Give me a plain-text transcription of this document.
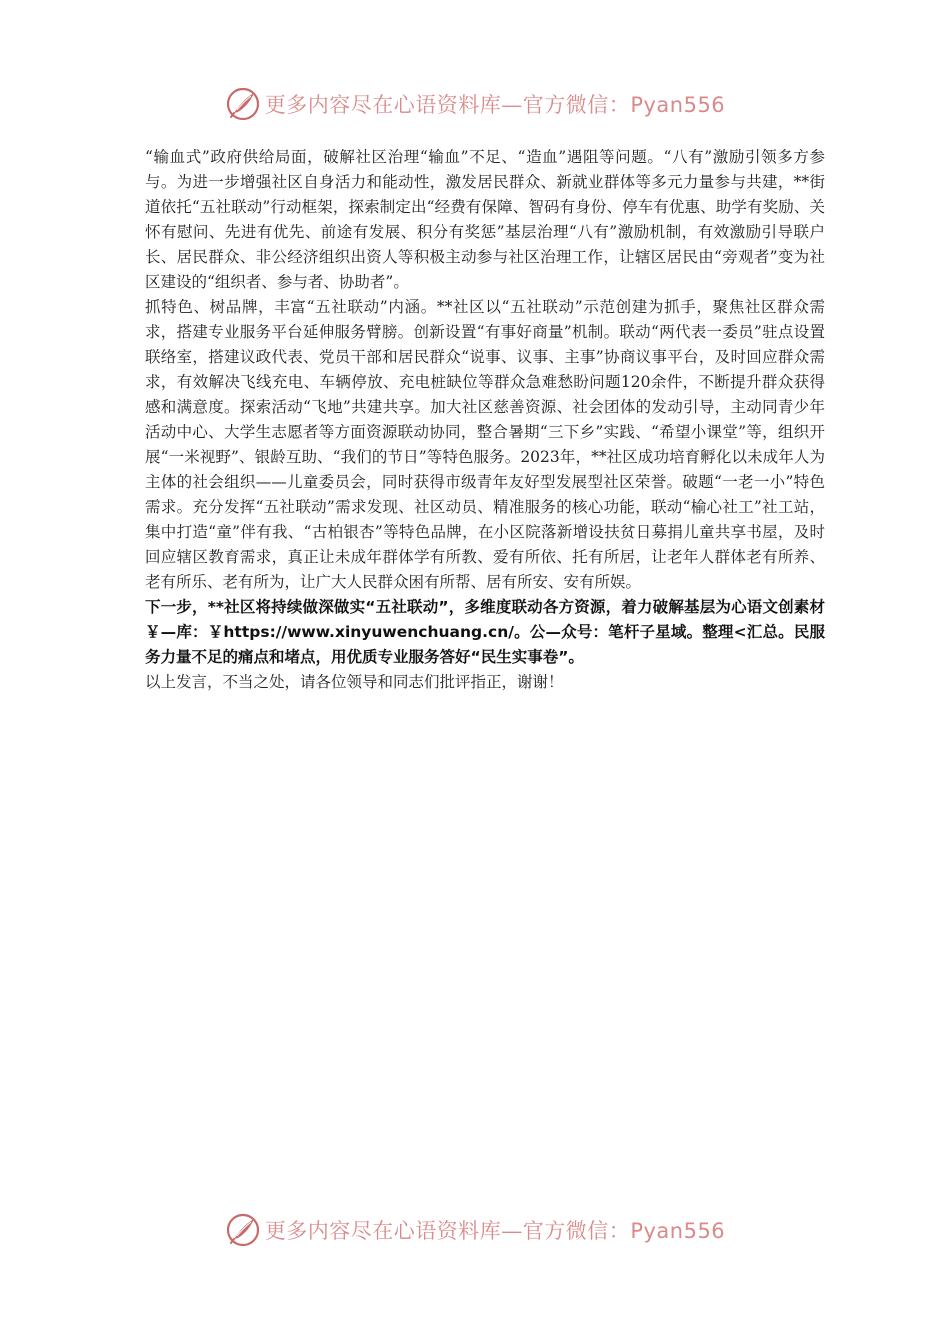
更多内容尽在心语资料库—官方微信：Pyan556

“输血式”政府供给局面，破解社区治理“输血”不足、“造血”遇阻等问题。“八有”激励引领多方参与。为进一步增强社区自身活力和能动性，激发居民群众、新就业群体等多元力量参与共建，**街道依托“五社联动”行动框架，探索制定出“经费有保障、智码有身份、停车有优惠、助学有奖励、关怀有慰问、先进有优先、前途有发展、积分有奖惩”基层治理“八有”激励机制，有效激励引导联户长、居民群众、非公经济组织出资人等积极主动参与社区治理工作，让辖区居民由“旁观者”变为社区建设的“组织者、参与者、协助者”。

抓特色、树品牌，丰富“五社联动”内涵。**社区以“五社联动”示范创建为抓手，聚焦社区群众需求，搭建专业服务平台延伸服务臂膀。创新设置“有事好商量”机制。联动“两代表一委员”驻点设置联络室，搭建议政代表、党员干部和居民群众“说事、议事、主事”协商议事平台，及时回应群众需求，有效解决飞线充电、车辆停放、充电桩缺位等群众急难愁盼问题120余件，不断提升群众获得感和满意度。探索活动“飞地”共建共享。加大社区慈善资源、社会团体的发动引导，主动同青少年活动中心、大学生志愿者等方面资源联动协同，整合暑期“三下乡”实践、“希望小课堂”等，组织开展“一米视野”、银龄互助、“我们的节日”等特色服务。2023年，**社区成功培育孵化以未成年人为主体的社会组织——儿童委员会，同时获得市级青年友好型发展型社区荣誉。破题“一老一小”特色需求。充分发挥“五社联动”需求发现、社区动员、精准服务的核心功能，联动“榆心社工”社工站，集中打造“童”伴有我、“古柏银杏”等特色品牌，在小区院落新增设扶贫日募捐儿童共享书屋，及时回应辖区教育需求，真正让未成年群体学有所教、爱有所依、托有所居，让老年人群体老有所养、老有所乐、老有所为，让广大人民群众困有所帮、居有所安、安有所娱。

下一步，**社区将持续做深做实“五社联动”，多维度联动各方资源，着力破解基层为心语文创素材￥—库：￥https://www.xinyuwenchuang.cn/。公—众号：笔杆子星域。整理<汇总。民服务力量不足的痛点和堵点，用优质专业服务答好“民生实事卷”。

以上发言，不当之处，请各位领导和同志们批评指正，谢谢！

更多内容尽在心语资料库—官方微信：Pyan556
